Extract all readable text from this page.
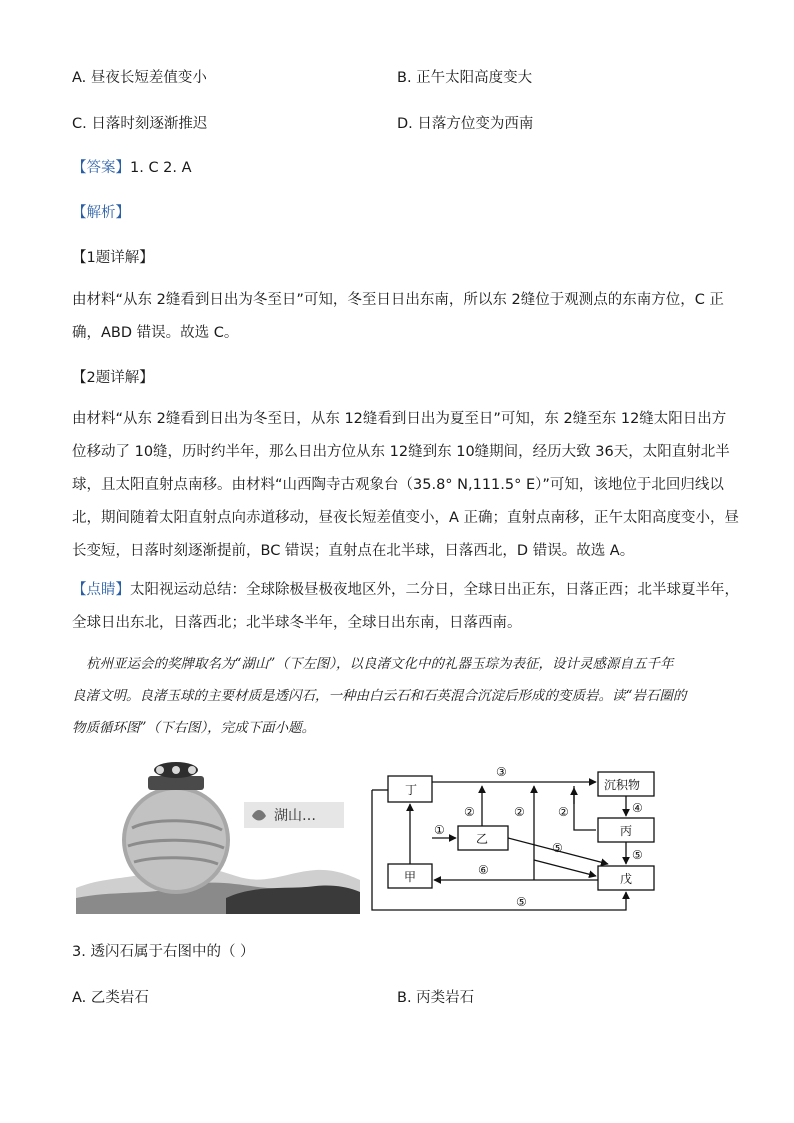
A. 昼夜长短差值变小	B. 正午太阳高度变大
C. 日落时刻逐渐推迟	D. 日落方位变为西南
【答案】1. C 2. A
【解析】
【1题详解】
由材料“从东 2缝看到日出为冬至日”可知，冬至日日出东南，所以东 2缝位于观测点的东南方位，C 正
确，ABD 错误。故选 C。
【2题详解】
由材料“从东 2缝看到日出为冬至日，从东 12缝看到日出为夏至日”可知，东 2缝至东 12缝太阳日出方
位移动了 10缝，历时约半年，那么日出方位从东 12缝到东 10缝期间，经历大致 36天，太阳直射北半
球，且太阳直射点南移。由材料“山西陶寺古观象台（35.8° N,111.5° E）”可知，该地位于北回归线以
北，期间随着太阳直射点向赤道移动，昼夜长短差值变小，A 正确；直射点南移，正午太阳高度变小，昼
长变短，日落时刻逐渐提前，BC 错误；直射点在北半球，日落西北，D 错误。故选 A。
【点睛】太阳视运动总结：全球除极昼极夜地区外，二分日，全球日出正东，日落正西；北半球夏半年，
全球日出东北，日落西北；北半球冬半年，全球日出东南，日落西南。
杭州亚运会的奖牌取名为“湖山”（下左图），以良渚文化中的礼器玉琮为表征，设计灵感源自五千年
良渚文明。良渚玉球的主要材质是透闪石，一种由白云石和石英混合沉淀后形成的变质岩。读“岩石圈的
物质循环图”（下右图），完成下面小题。
湖山…
丁
乙
甲
沉积物
丙
戊
①
②	②	②
③
④
⑤	⑤
⑤
⑥
3. 透闪石属于右图中的（ ）
A. 乙类岩石	B. 丙类岩石
